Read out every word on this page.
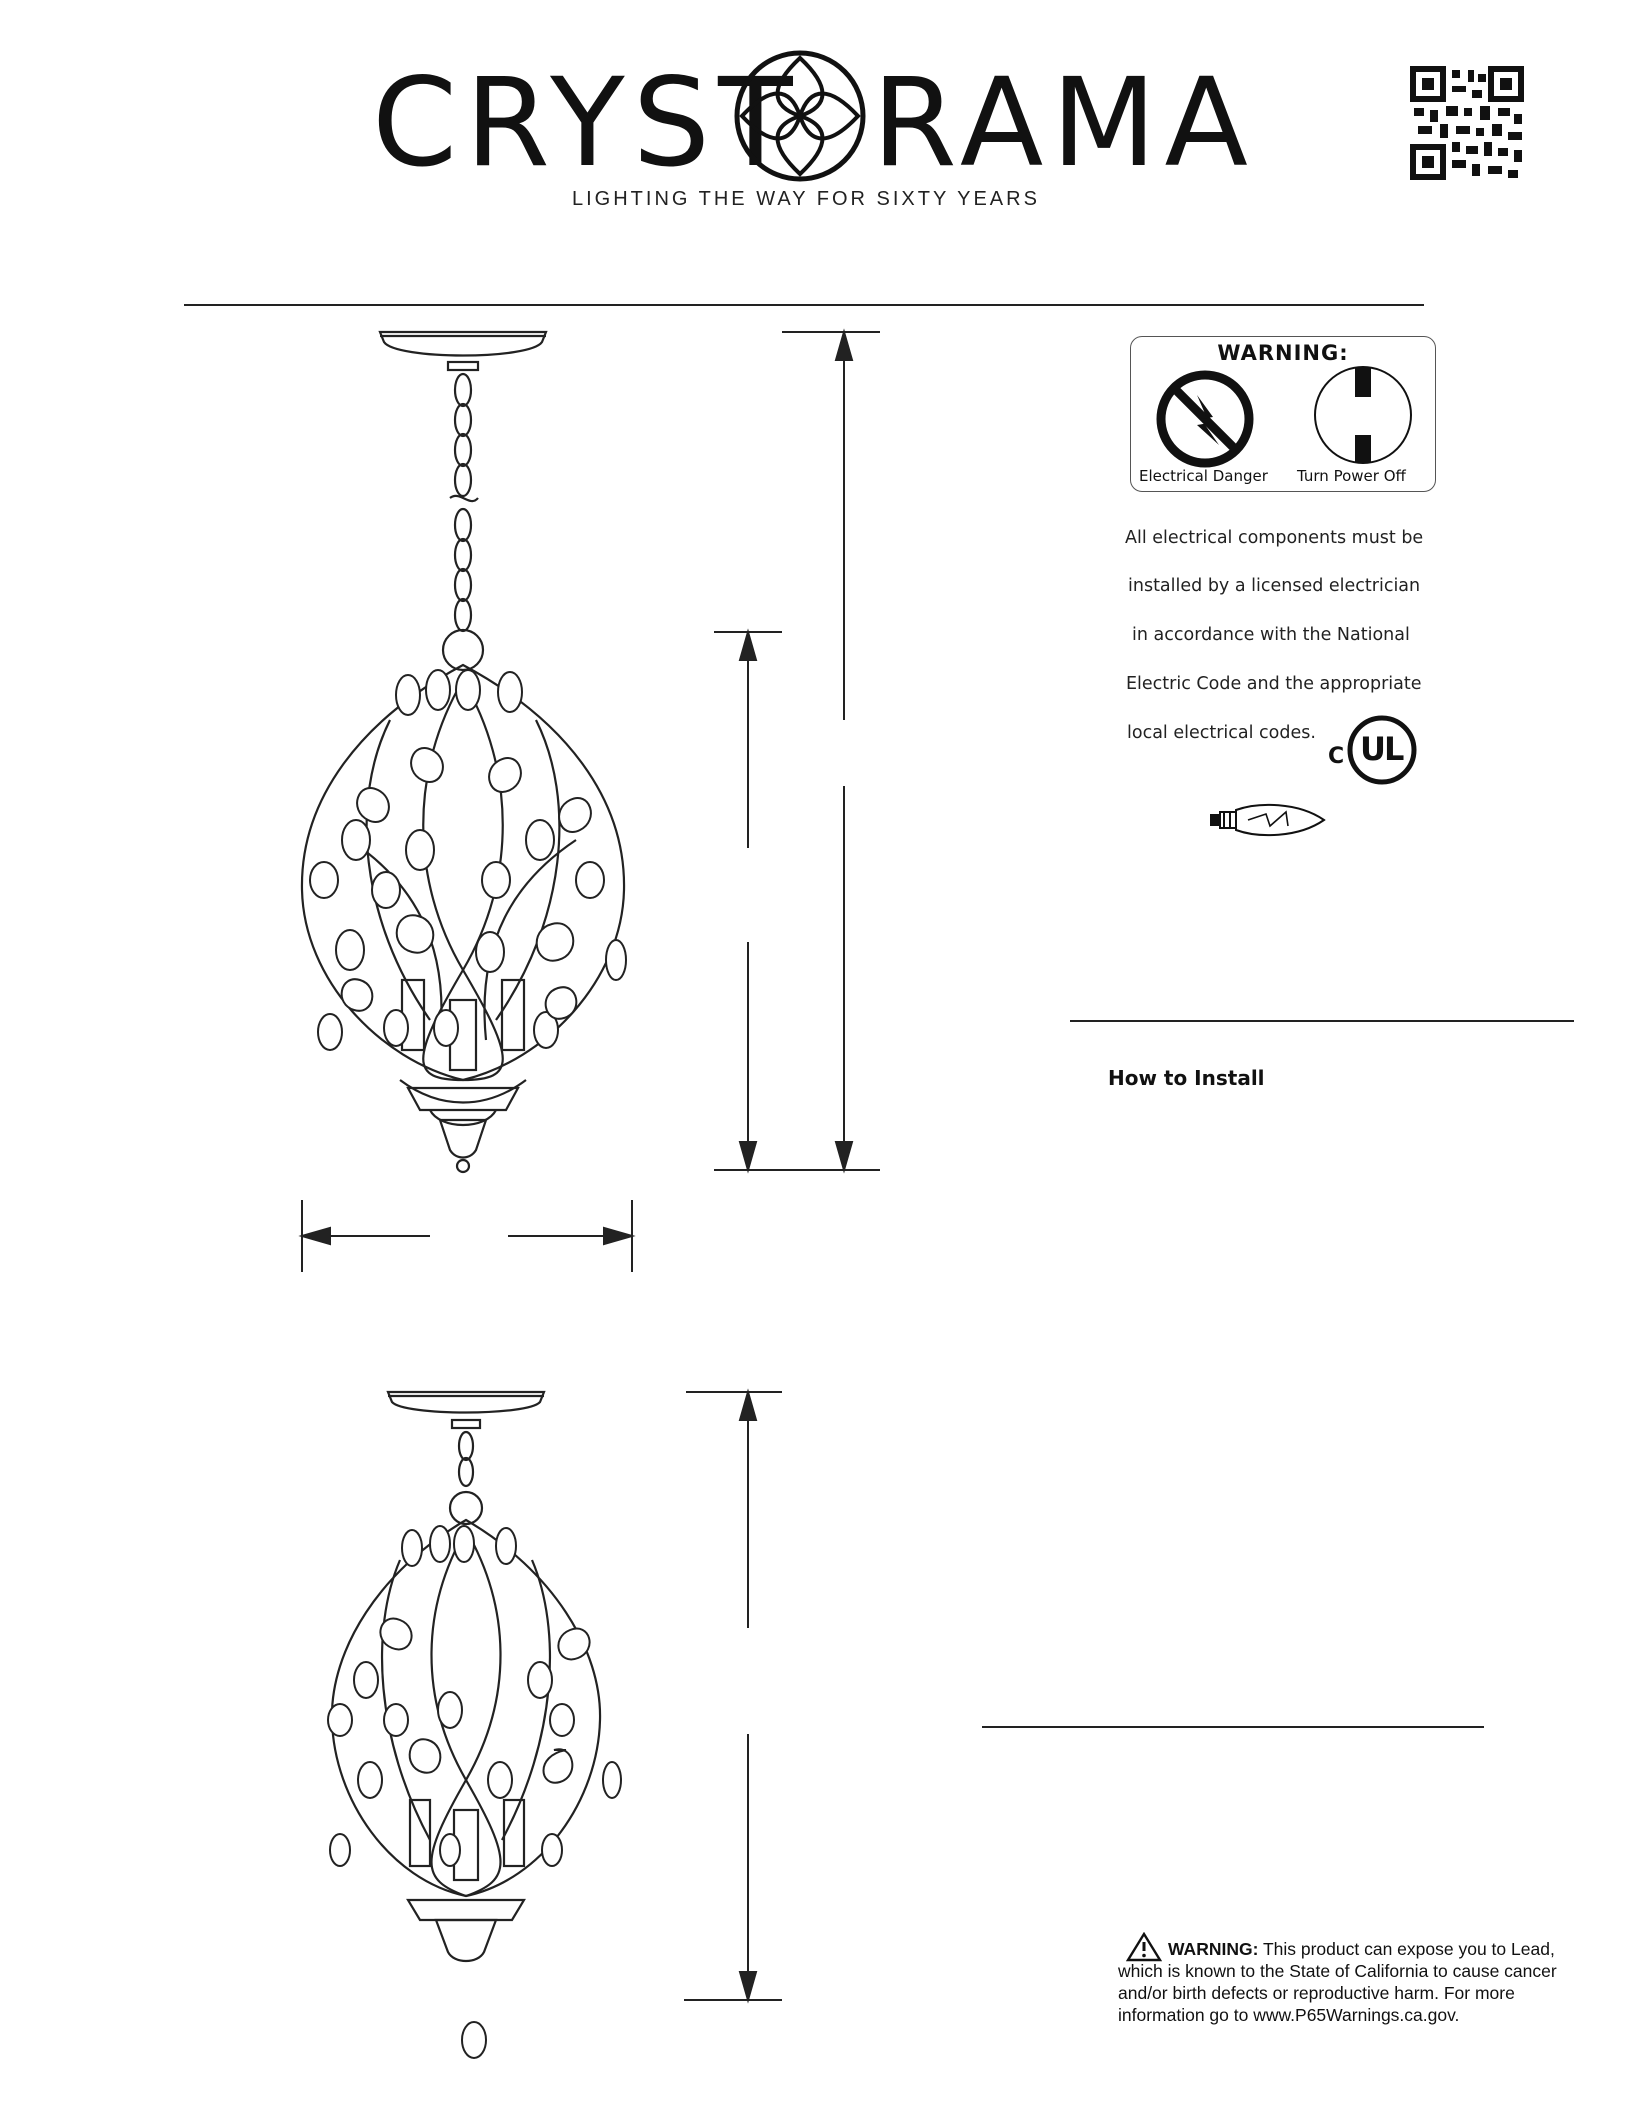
CRYST RAMA
LIGHTING THE WAY FOR SIXTY YEARS
WARNING:
Electrical Danger Turn Power Off
All electrical components must be
installed by a licensed electrician
in accordance with the National
Electric Code and the appropriate
local electrical codes.
C UL
How to Install
WARNING: This product can expose you to Lead,
which is known to the State of California to cause cancer
and/or birth defects or reproductive harm. For more
information go to www.P65Warnings.ca.gov.
